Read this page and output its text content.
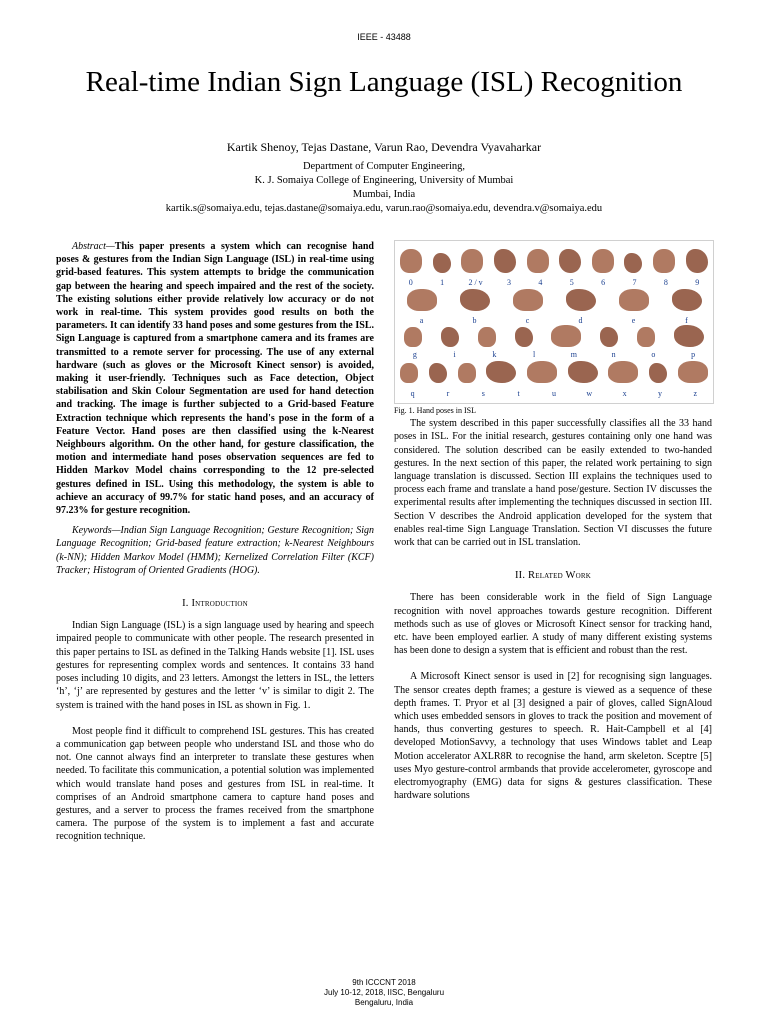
IEEE - 43488
Real-time Indian Sign Language (ISL) Recognition
Kartik Shenoy, Tejas Dastane, Varun Rao, Devendra Vyavaharkar
Department of Computer Engineering,
K. J. Somaiya College of Engineering, University of Mumbai
Mumbai, India
kartik.s@somaiya.edu, tejas.dastane@somaiya.edu, varun.rao@somaiya.edu, devendra.v@somaiya.edu

Abstract—This paper presents a system which can recognise hand poses & gestures from the Indian Sign Language (ISL) in real-time using grid-based features. This system attempts to bridge the communication gap between the hearing and speech impaired and the rest of the society. The existing solutions either provide relatively low accuracy or do not work in real-time. This system provides good results on both the parameters. It can identify 33 hand poses and some gestures from the ISL. Sign Language is captured from a smartphone camera and its frames are transmitted to a remote server for processing. The use of any external hardware (such as gloves or the Microsoft Kinect sensor) is avoided, making it user-friendly. Techniques such as Face detection, Object stabilisation and Skin Colour Segmentation are used for hand detection and tracking. The image is further subjected to a Grid-based Feature Extraction technique which represents the hand's pose in the form of a Feature Vector. Hand poses are then classified using the k-Nearest Neighbours algorithm. On the other hand, for gesture classification, the motion and intermediate hand poses observation sequences are fed to Hidden Markov Model chains corresponding to the 12 pre-selected gestures defined in ISL. Using this methodology, the system is able to achieve an accuracy of 99.7% for static hand poses, and an accuracy of 97.23% for gesture recognition.

Keywords—Indian Sign Language Recognition; Gesture Recognition; Sign Language Recognition; Grid-based feature extraction; k-Nearest Neighbours (k-NN); Hidden Markov Model (HMM); Kernelized Correlation Filter (KCF) Tracker; Histogram of Oriented Gradients (HOG).

I. Introduction

Indian Sign Language (ISL) is a sign language used by hearing and speech impaired people to communicate with other people. The research presented in this paper pertains to ISL as defined in the Talking Hands website [1]. ISL uses gestures for representing complex words and sentences. It contains 33 hand poses including 10 digits, and 23 letters. Amongst the letters in ISL, the letters ‘h’, ‘j’ are represented by gestures and the letter ‘v’ is similar to digit 2. The system is trained with the hand poses in ISL as shown in Fig. 1.

Most people find it difficult to comprehend ISL gestures. This has created a communication gap between people who understand ISL and those who do not. One cannot always find an interpreter to translate these gestures when needed. To facilitate this communication, a potential solution was implemented which would translate hand poses and gestures from ISL in real-time. It comprises of an Android smartphone camera to capture hand poses and gestures, and a server to process the frames received from the smartphone camera. The purpose of the system is to implement a fast and accurate recognition technique.

0	1	2 / v	3	4	5	6	7	8	9
a	b	c	d	e	f
g	i	k	l	m	n	o	p
q	r	s	t	u	w	x	y	z

Fig. 1. Hand poses in ISL

The system described in this paper successfully classifies all the 33 hand poses in ISL. For the initial research, gestures containing only one hand was considered. The solution described can be easily extended to two-handed gestures. In the next section of this paper, the related work pertaining to sign language translation is discussed. Section III explains the techniques used to process each frame and translate a hand pose/gesture. Section IV discusses the experimental results after implementing the techniques discussed in section III. Section V describes the Android application developed for the system that enables real-time Sign Language Translation. Section VI discusses the future work that can be carried out in ISL translation.

II. Related Work

There has been considerable work in the field of Sign Language recognition with novel approaches towards gesture recognition. Different methods such as use of gloves or Microsoft Kinect sensor for tracking hand, etc. have been employed earlier. A study of many different existing systems has been done to design a system that is efficient and robust than the rest.

A Microsoft Kinect sensor is used in [2] for recognising sign languages. The sensor creates depth frames; a gesture is viewed as a sequence of these depth frames. T. Pryor et al [3] designed a pair of gloves, called SignAloud which uses embedded sensors in gloves to track the position and movement of hands, thus converting gestures to speech. R. Hait-Campbell et al [4] developed MotionSavvy, a technology that uses Windows tablet and Leap Motion accelerator AXLR8R to recognise the hand, arm skeleton. Sceptre [5] uses Myo gesture-control armbands that provide accelerometer, gyroscope and electromyography (EMG) data for signs & gestures classification. These hardware solutions

9th ICCCNT 2018
July 10-12, 2018, IISC, Bengaluru
Bengaluru, India
